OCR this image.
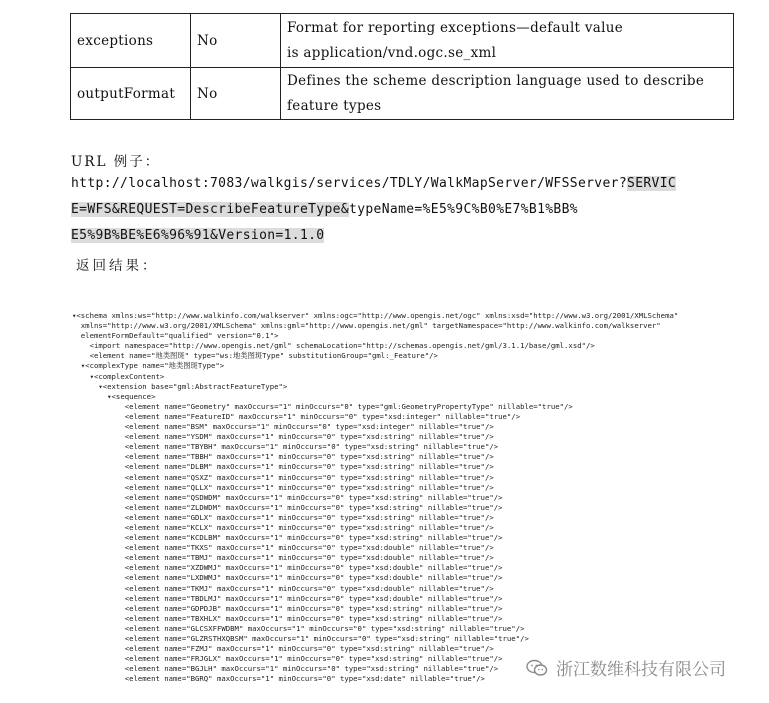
exceptions	No	Format for reporting exceptions—default value
is application/vnd.ogc.se_xml

outputFormat	No	Defines the scheme description language used to describe
feature types
URL 例子：
http://localhost:7083/walkgis/services/TDLY/WalkMapServer/WFSServer?SERVIC
E=WFS&REQUEST=DescribeFeatureType&typeName=%E5%9C%B0%E7%B1%BB%
E5%9B%BE%E6%96%91&Version=1.1.0
返回结果：
▾<schema xmlns:ws="http://www.walkinfo.com/walkserver" xmlns:ogc="http://www.opengis.net/ogc" xmlns:xsd="http://www.w3.org/2001/XMLSchema"
xmlns="http://www.w3.org/2001/XMLSchema" xmlns:gml="http://www.opengis.net/gml" targetNamespace="http://www.walkinfo.com/walkserver"
elementFormDefault="qualified" version="0.1">
<import namespace="http://www.opengis.net/gml" schemaLocation="http://schemas.opengis.net/gml/3.1.1/base/gml.xsd"/>
<element name="地类图斑" type="ws:地类图斑Type" substitutionGroup="gml:_Feature"/>
▾<complexType name="地类图斑Type">
▾<complexContent>
▾<extension base="gml:AbstractFeatureType">
▾<sequence>
<element name="Geometry" maxOccurs="1" minOccurs="0" type="gml:GeometryPropertyType" nillable="true"/>
<element name="FeatureID" maxOccurs="1" minOccurs="0" type="xsd:integer" nillable="true"/>
<element name="BSM" maxOccurs="1" minOccurs="0" type="xsd:integer" nillable="true"/>
<element name="YSDM" maxOccurs="1" minOccurs="0" type="xsd:string" nillable="true"/>
<element name="TBYBH" maxOccurs="1" minOccurs="0" type="xsd:string" nillable="true"/>
<element name="TBBH" maxOccurs="1" minOccurs="0" type="xsd:string" nillable="true"/>
<element name="DLBM" maxOccurs="1" minOccurs="0" type="xsd:string" nillable="true"/>
<element name="QSXZ" maxOccurs="1" minOccurs="0" type="xsd:string" nillable="true"/>
<element name="QLLX" maxOccurs="1" minOccurs="0" type="xsd:string" nillable="true"/>
<element name="QSDWDM" maxOccurs="1" minOccurs="0" type="xsd:string" nillable="true"/>
<element name="ZLDWDM" maxOccurs="1" minOccurs="0" type="xsd:string" nillable="true"/>
<element name="GDLX" maxOccurs="1" minOccurs="0" type="xsd:string" nillable="true"/>
<element name="KCLX" maxOccurs="1" minOccurs="0" type="xsd:string" nillable="true"/>
<element name="KCDLBM" maxOccurs="1" minOccurs="0" type="xsd:string" nillable="true"/>
<element name="TKXS" maxOccurs="1" minOccurs="0" type="xsd:double" nillable="true"/>
<element name="TBMJ" maxOccurs="1" minOccurs="0" type="xsd:double" nillable="true"/>
<element name="XZDWMJ" maxOccurs="1" minOccurs="0" type="xsd:double" nillable="true"/>
<element name="LXDWMJ" maxOccurs="1" minOccurs="0" type="xsd:double" nillable="true"/>
<element name="TKMJ" maxOccurs="1" minOccurs="0" type="xsd:double" nillable="true"/>
<element name="TBDLMJ" maxOccurs="1" minOccurs="0" type="xsd:double" nillable="true"/>
<element name="GDPDJB" maxOccurs="1" minOccurs="0" type="xsd:string" nillable="true"/>
<element name="TBXHLX" maxOccurs="1" minOccurs="0" type="xsd:string" nillable="true"/>
<element name="GLCSXFFWDBM" maxOccurs="1" minOccurs="0" type="xsd:string" nillable="true"/>
<element name="GLZRSTHXQBSM" maxOccurs="1" minOccurs="0" type="xsd:string" nillable="true"/>
<element name="FZMJ" maxOccurs="1" minOccurs="0" type="xsd:string" nillable="true"/>
<element name="FRJGLX" maxOccurs="1" minOccurs="0" type="xsd:string" nillable="true"/>
<element name="BGJLH" maxOccurs="1" minOccurs="0" type="xsd:string" nillable="true"/>
<element name="BGRQ" maxOccurs="1" minOccurs="0" type="xsd:date" nillable="true"/>	浙江数维科技有限公司
